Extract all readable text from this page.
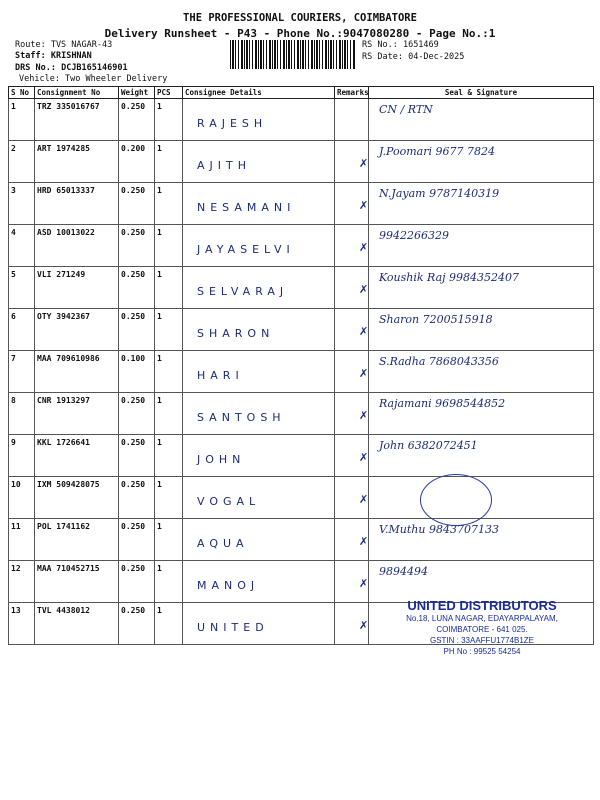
THE PROFESSIONAL COURIERS, COIMBATORE
Delivery Runsheet - P43 - Phone No.:9047080280 - Page No.:1
Route: TVS NAGAR-43
Staff: KRISHNAN
DRS No.: DCJB165146901
Vehicle: Two Wheeler Delivery
RS No.: 1651469
RS Date: 04-Dec-2025
S No	Consignment No	Weight	PCS	Consignee Details	Remarks	Seal & Signature
1	TRZ 335016767	0.250	1	RAJESH		CN / RTN

2	ART 1974285	0.200	1	AJITH	✗	J.Poomari 9677 7824

3	HRD 65013337	0.250	1	NESAMANI	✗	N.Jayam 9787140319

4	ASD 10013022	0.250	1	JAYASELVI	✗	9942266329

5	VLI 271249	0.250	1	SELVARAJ	✗	Koushik Raj 9984352407

6	OTY 3942367	0.250	1	SHARON	✗	Sharon 7200515918

7	MAA 709610986	0.100	1	HARI	✗	S.Radha 7868043356

8	CNR 1913297	0.250	1	SANTOSH	✗	Rajamani 9698544852

9	KKL 1726641	0.250	1	JOHN	✗	John 6382072451

10	IXM 509428075	0.250	1	VOGAL	✗	

11	POL 1741162	0.250	1	AQUA	✗	V.Muthu 9843707133

12	MAA 710452715	0.250	1	MANOJ	✗	9894494

13	TVL 4438012	0.250	1	UNITED	✗	

UNITED DISTRIBUTORS
No.18, LUNA NAGAR, EDAYARPALAYAM,
COIMBATORE - 641 025.
GSTIN : 33AAFFU1774B1ZE
PH No : 99525 54254
